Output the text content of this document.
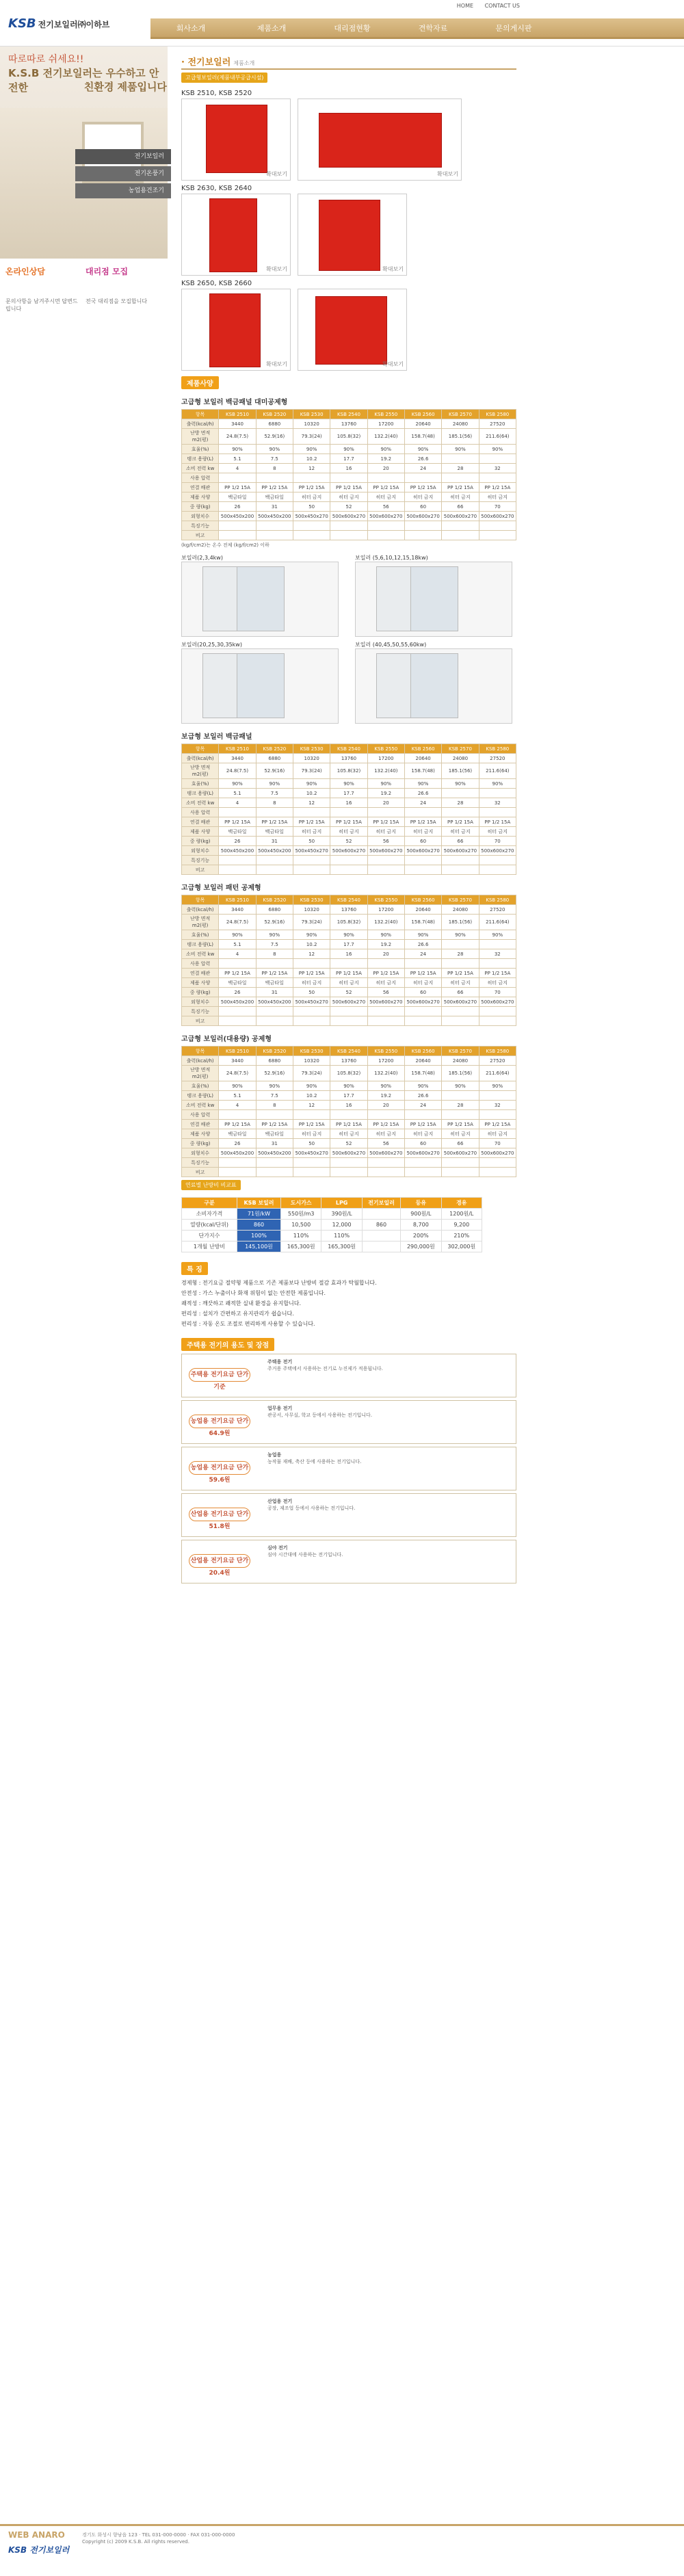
KSB 전기보일러㈜이하브
HOME CONTACT US
회사소개	제품소개	대리점현황	견학자료	문의게시판
따로따로 쉬세요!!
K.S.B 전기보일러는 우수하고 안전한	친환경 제품입니다
전기보일러
전기온풍기
농업용건조기
온라인상담

문의사항을 남겨주시면 답변드립니다

대리점 모집

전국 대리점을 모집합니다

· 전기보일러 제품소개
고급형보일러(제품내부공급시설)
KSB 2510, KSB 2520
확대보기	확대보기
KSB 2630, KSB 2640
확대보기	확대보기
KSB 2650, KSB 2660
확대보기	확대보기
제품사양
고급형 보일러 백금패널 대미공제형
항목	KSB 2510	KSB 2520	KSB 2530	KSB 2540	KSB 2550	KSB 2560	KSB 2570	KSB 2580
출력(kcal/h)	3440	6880	10320	13760	17200	20640	24080	27520
난방 면적 m2(평)	24.8(7.5)	52.9(16)	79.3(24)	105.8(32)	132.2(40)	158.7(48)	185.1(56)	211.6(64)
효율(%)	90%	90%	90%	90%	90%	90%	90%	90%
탱크 용량(L)	5.1	7.5	10.2	17.7	19.2	26.6		
소비 전력 kw	4	8	12	16	20	24	28	32
사용 압력								
연결 배관	PP 1/2 15A	PP 1/2 15A	PP 1/2 15A	PP 1/2 15A	PP 1/2 15A	PP 1/2 15A	PP 1/2 15A	PP 1/2 15A
제품 사양	백금타일	백금타일	히터 금지	히터 금지	히터 금지	히터 금지	히터 금지	히터 금지
중 량(kg)	26	31	50	52	56	60	66	70
외형치수	500x450x200	500x450x200	500x450x270	500x600x270	500x600x270	500x600x270	500x600x270	500x600x270
특징기능								
비고								
(kg/f/cm2)는 온수 전체 (kg/f/cm2) 이하
보일러(2,3,4kw)	보일러 (5,6,10,12,15,18kw)
보일러(20,25,30,35kw)	보일러 (40,45,50,55,60kw)
보급형 보일러 백금패널
항목	KSB 2510	KSB 2520	KSB 2530	KSB 2540	KSB 2550	KSB 2560	KSB 2570	KSB 2580
출력(kcal/h)	3440	6880	10320	13760	17200	20640	24080	27520
난방 면적 m2(평)	24.8(7.5)	52.9(16)	79.3(24)	105.8(32)	132.2(40)	158.7(48)	185.1(56)	211.6(64)
효율(%)	90%	90%	90%	90%	90%	90%	90%	90%
탱크 용량(L)	5.1	7.5	10.2	17.7	19.2	26.6		
소비 전력 kw	4	8	12	16	20	24	28	32
사용 압력								
연결 배관	PP 1/2 15A	PP 1/2 15A	PP 1/2 15A	PP 1/2 15A	PP 1/2 15A	PP 1/2 15A	PP 1/2 15A	PP 1/2 15A
제품 사양	백금타일	백금타일	히터 금지	히터 금지	히터 금지	히터 금지	히터 금지	히터 금지
중 량(kg)	26	31	50	52	56	60	66	70
외형치수	500x450x200	500x450x200	500x450x270	500x600x270	500x600x270	500x600x270	500x600x270	500x600x270
특징기능								
비고								
고급형 보일러 패턴 공제형
항목	KSB 2510	KSB 2520	KSB 2530	KSB 2540	KSB 2550	KSB 2560	KSB 2570	KSB 2580
출력(kcal/h)	3440	6880	10320	13760	17200	20640	24080	27520
난방 면적 m2(평)	24.8(7.5)	52.9(16)	79.3(24)	105.8(32)	132.2(40)	158.7(48)	185.1(56)	211.6(64)
효율(%)	90%	90%	90%	90%	90%	90%	90%	90%
탱크 용량(L)	5.1	7.5	10.2	17.7	19.2	26.6		
소비 전력 kw	4	8	12	16	20	24	28	32
사용 압력								
연결 배관	PP 1/2 15A	PP 1/2 15A	PP 1/2 15A	PP 1/2 15A	PP 1/2 15A	PP 1/2 15A	PP 1/2 15A	PP 1/2 15A
제품 사양	백금타일	백금타일	히터 금지	히터 금지	히터 금지	히터 금지	히터 금지	히터 금지
중 량(kg)	26	31	50	52	56	60	66	70
외형치수	500x450x200	500x450x200	500x450x270	500x600x270	500x600x270	500x600x270	500x600x270	500x600x270
특징기능								
비고								
고급형 보일러(대용량) 공제형
항목	KSB 2510	KSB 2520	KSB 2530	KSB 2540	KSB 2550	KSB 2560	KSB 2570	KSB 2580
출력(kcal/h)	3440	6880	10320	13760	17200	20640	24080	27520
난방 면적 m2(평)	24.8(7.5)	52.9(16)	79.3(24)	105.8(32)	132.2(40)	158.7(48)	185.1(56)	211.6(64)
효율(%)	90%	90%	90%	90%	90%	90%	90%	90%
탱크 용량(L)	5.1	7.5	10.2	17.7	19.2	26.6		
소비 전력 kw	4	8	12	16	20	24	28	32
사용 압력								
연결 배관	PP 1/2 15A	PP 1/2 15A	PP 1/2 15A	PP 1/2 15A	PP 1/2 15A	PP 1/2 15A	PP 1/2 15A	PP 1/2 15A
제품 사양	백금타일	백금타일	히터 금지	히터 금지	히터 금지	히터 금지	히터 금지	히터 금지
중 량(kg)	26	31	50	52	56	60	66	70
외형치수	500x450x200	500x450x200	500x450x270	500x600x270	500x600x270	500x600x270	500x600x270	500x600x270
특징기능								
비고								
연료별 난방비 비교표
구분	KSB 보일러	도시가스	LPG	전기보일러	등유	경유
소비자가격	71원/kW	550원/m3	390원/L		900원/L	1200원/L
열량(kcal/단위)	860	10,500	12,000	860	8,700	9,200
단가지수	100%	110%	110%		200%	210%
1개월 난방비	145,100원	165,300원	165,300원		290,000원	302,000원
특 징
경제형 : 전기요금 절약형 제품으로 기존 제품보다 난방비 절감 효과가 탁월합니다.
안전성 : 가스 누출이나 화재 위험이 없는 안전한 제품입니다.
쾌적성 : 깨끗하고 쾌적한 실내 환경을 유지합니다.
편리성 : 설치가 간편하고 유지관리가 쉽습니다.
편리성 : 자동 온도 조절로 편리하게 사용할 수 있습니다.
주택용 전기의 용도 및 장점
주택용 전기요금 단가 기준
주택용 전기
주거용 주택에서 사용하는 전기로 누진제가 적용됩니다.
농업용 전기요금 단가 64.9원
업무용 전기
관공서, 사무실, 학교 등에서 사용하는 전기입니다.
농업용 전기요금 단가 59.6원
농업용
농작물 재배, 축산 등에 사용하는 전기입니다.
산업용 전기요금 단가 51.8원
산업용 전기
공장, 제조업 등에서 사용하는 전기입니다.
산업용 전기요금 단가 20.4원
심야 전기
심야 시간대에 사용하는 전기입니다.
WEB ANARO
KSB 전기보일러
경기도 화성시 향남읍 123 · TEL 031-000-0000 · FAX 031-000-0000
Copyright (c) 2009 K.S.B. All rights reserved.
